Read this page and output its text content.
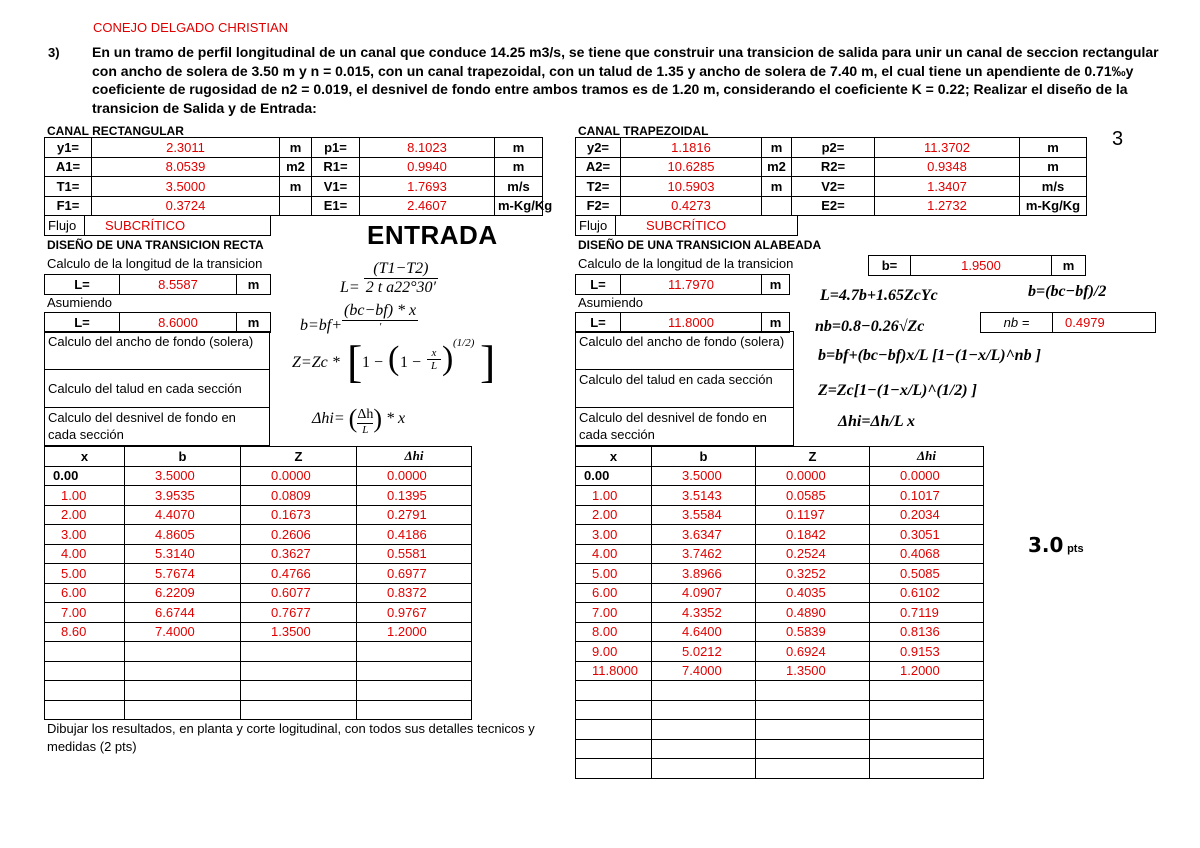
CONEJO DELGADO CHRISTIAN
3) En un tramo de perfil longitudinal de un canal que conduce 14.25 m3/s, se tiene que construir una transicion de salida para unir un canal de seccion rectangular con ancho de solera de 3.50 m y n = 0.015, con un canal trapezoidal, con un talud de 1.35 y ancho de solera de 7.40 m, el cual tiene un apendiente de 0.71‰y coeficiente de rugosidad de n2 = 0.019, el desnivel de fondo entre ambos tramos es de 1.20 m, considerando el coeficiente K = 0.22; Realizar el diseño de la transicion de Salida y de Entrada:
3
3.0 pts
CANAL RECTANGULAR
y1=	2.3011	m	p1=	8.1023	m
A1=	8.0539	m2	R1=	0.9940	m
T1=	3.5000	m	V1=	1.7693	m/s
F1=	0.3724		E1=	2.4607	m-Kg/Kg
Flujo	SUBCRÍTICO	ENTRADA
DISEÑO DE UNA TRANSICION RECTA
Calculo de la longitud de la transicion
L=	8.5587	m
Asumiendo
L=	8.6000	m
Calculo del ancho de fondo (solera)
Calculo del talud en cada sección
Calculo del desnivel de fondo en cada sección
$L= \frac{(T1-T2)}{\text{2 t a22°30′}}$
b=bf+
(bc−bf) * x
′
Z=Zc * [ 1 − ( 1 −
x
L ) (1/2) ]
Δhi= ( Δh
L ) * x
x	b	Z	Δhi
0.00	3.5000	0.0000	0.0000
1.00	3.9535	0.0809	0.1395
2.00	4.4070	0.1673	0.2791
3.00	4.8605	0.2606	0.4186
4.00	5.3140	0.3627	0.5581
5.00	5.7674	0.4766	0.6977
6.00	6.2209	0.6077	0.8372
7.00	6.6744	0.7677	0.9767
8.60	7.4000	1.3500	1.2000

Dibujar los resultados, en planta y corte logitudinal, con todos sus detalles tecnicos y medidas (2 pts)
CANAL TRAPEZOIDAL
y2=	1.1816	m	p2=	11.3702	m
A2=	10.6285	m2	R2=	0.9348	m
T2=	10.5903	m	V2=	1.3407	m/s
F2=	0.4273		E2=	1.2732	m-Kg/Kg
Flujo	SUBCRÍTICO
DISEÑO DE UNA TRANSICION ALABEADA
Calculo de la longitud de la transicion	b=	1.9500	m
L=	11.7970	m
Asumiendo
L=	11.8000	m	nb =	0.4979
Calculo del ancho de fondo (solera)
Calculo del talud en cada sección
Calculo del desnivel de fondo en cada sección
L=4.7b+1.65ZcYc	b=(bc−bf)/2
nb=0.8−0.26√Zc
b=bf+(bc−bf)x/L [1−(1−x/L)^nb ]
Z=Zc[1−(1−x/L)^(1/2) ]
Δhi=Δh/L x
x	b	Z	Δhi
0.00	3.5000	0.0000	0.0000
1.00	3.5143	0.0585	0.1017
2.00	3.5584	0.1197	0.2034
3.00	3.6347	0.1842	0.3051
4.00	3.7462	0.2524	0.4068
5.00	3.8966	0.3252	0.5085
6.00	4.0907	0.4035	0.6102
7.00	4.3352	0.4890	0.7119
8.00	4.6400	0.5839	0.8136
9.00	5.0212	0.6924	0.9153
11.8000	7.4000	1.3500	1.2000
